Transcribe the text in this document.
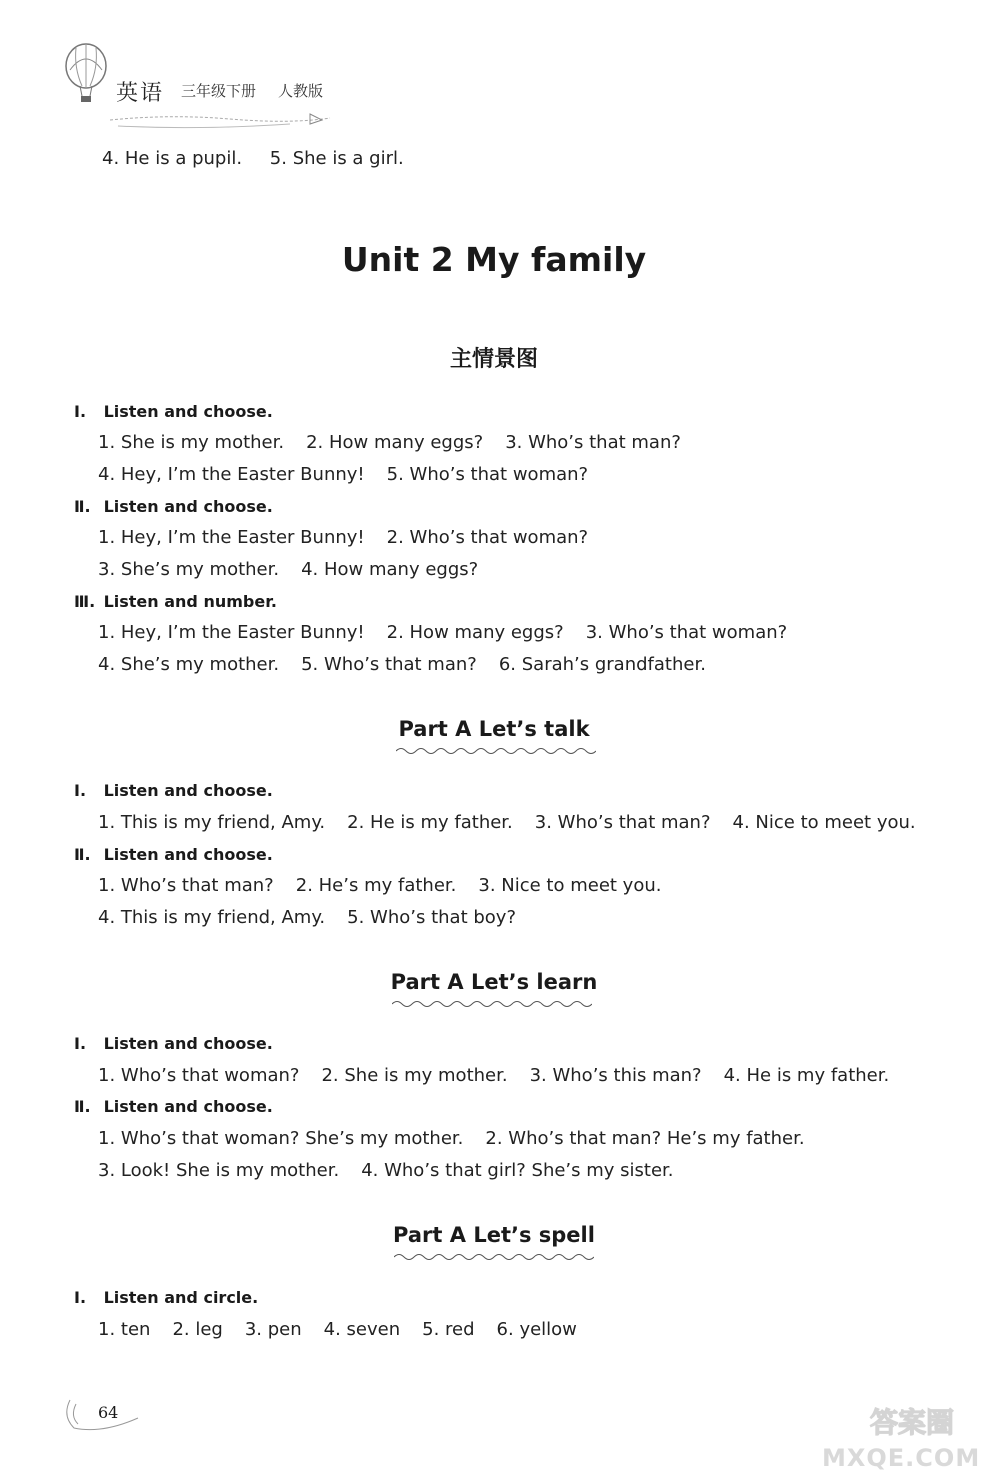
英语 三年级下册 人教版
4. He is a pupil. 5. She is a girl.
Unit 2 My family
主情景图
Ⅰ. Listen and choose.
1. She is my mother. 2. How many eggs? 3. Who’s that man?
4. Hey, I’m the Easter Bunny! 5. Who’s that woman?
Ⅱ. Listen and choose.
1. Hey, I’m the Easter Bunny! 2. Who’s that woman?
3. She’s my mother. 4. How many eggs?
Ⅲ. Listen and number.
1. Hey, I’m the Easter Bunny! 2. How many eggs? 3. Who’s that woman?
4. She’s my mother. 5. Who’s that man? 6. Sarah’s grandfather.
Part A Let’s talk
Ⅰ. Listen and choose.
1. This is my friend, Amy. 2. He is my father. 3. Who’s that man? 4. Nice to meet you.
Ⅱ. Listen and choose.
1. Who’s that man? 2. He’s my father. 3. Nice to meet you.
4. This is my friend, Amy. 5. Who’s that boy?
Part A Let’s learn
Ⅰ. Listen and choose.
1. Who’s that woman? 2. She is my mother. 3. Who’s this man? 4. He is my father.
Ⅱ. Listen and choose.
1. Who’s that woman? She’s my mother. 2. Who’s that man? He’s my father.
3. Look! She is my mother. 4. Who’s that girl? She’s my sister.
Part A Let’s spell
Ⅰ. Listen and circle.
1. ten 2. leg 3. pen 4. seven 5. red 6. yellow
64	答案圈
MXQE.COM
